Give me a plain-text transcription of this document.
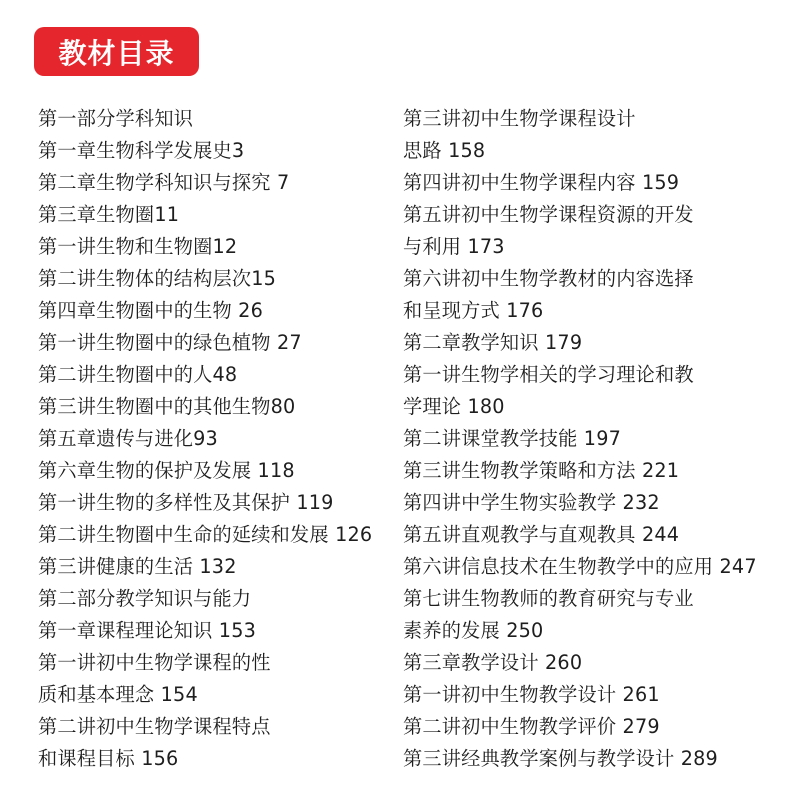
教材目录
第一部分学科知识
第一章生物科学发展史3
第二章生物学科知识与探究 7
第三章生物圈11
第一讲生物和生物圈12
第二讲生物体的结构层次15
第四章生物圈中的生物 26
第一讲生物圈中的绿色植物 27
第二讲生物圈中的人48
第三讲生物圈中的其他生物80
第五章遗传与进化93
第六章生物的保护及发展 118
第一讲生物的多样性及其保护 119
第二讲生物圈中生命的延续和发展 126
第三讲健康的生活 132
第二部分教学知识与能力
第一章课程理论知识 153
第一讲初中生物学课程的性
质和基本理念 154
第二讲初中生物学课程特点
和课程目标 156
第三讲初中生物学课程设计
思路 158
第四讲初中生物学课程内容 159
第五讲初中生物学课程资源的开发
与利用 173
第六讲初中生物学教材的内容选择
和呈现方式 176
第二章教学知识 179
第一讲生物学相关的学习理论和教
学理论 180
第二讲课堂教学技能 197
第三讲生物教学策略和方法 221
第四讲中学生物实验教学 232
第五讲直观教学与直观教具 244
第六讲信息技术在生物教学中的应用 247
第七讲生物教师的教育研究与专业
素养的发展 250
第三章教学设计 260
第一讲初中生物教学设计 261
第二讲初中生物教学评价 279
第三讲经典教学案例与教学设计 289
